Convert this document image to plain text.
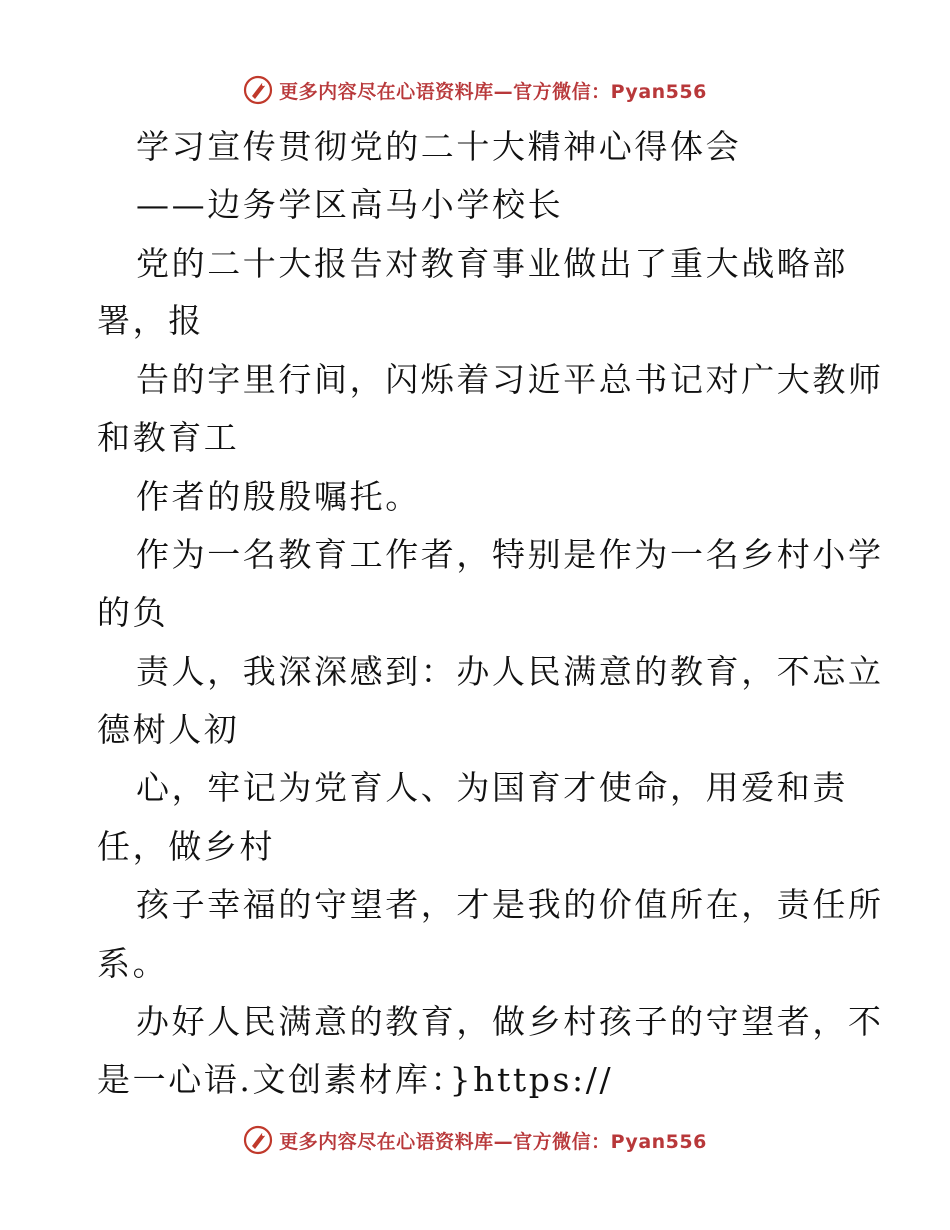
更多内容尽在心语资料库—官方微信：Pyan556
学习宣传贯彻党的二十大精神心得体会
——边务学区高马小学校长
党的二十大报告对教育事业做出了重大战略部
署，报
告的字里行间，闪烁着习近平总书记对广大教师
和教育工
作者的殷殷嘱托。
作为一名教育工作者，特别是作为一名乡村小学
的负
责人，我深深感到：办人民满意的教育，不忘立
德树人初
心，牢记为党育人、为国育才使命，用爱和责
任，做乡村
孩子幸福的守望者，才是我的价值所在，责任所
系。
办好人民满意的教育，做乡村孩子的守望者，不
是一心语.文创素材库：}https://
更多内容尽在心语资料库—官方微信：Pyan556
